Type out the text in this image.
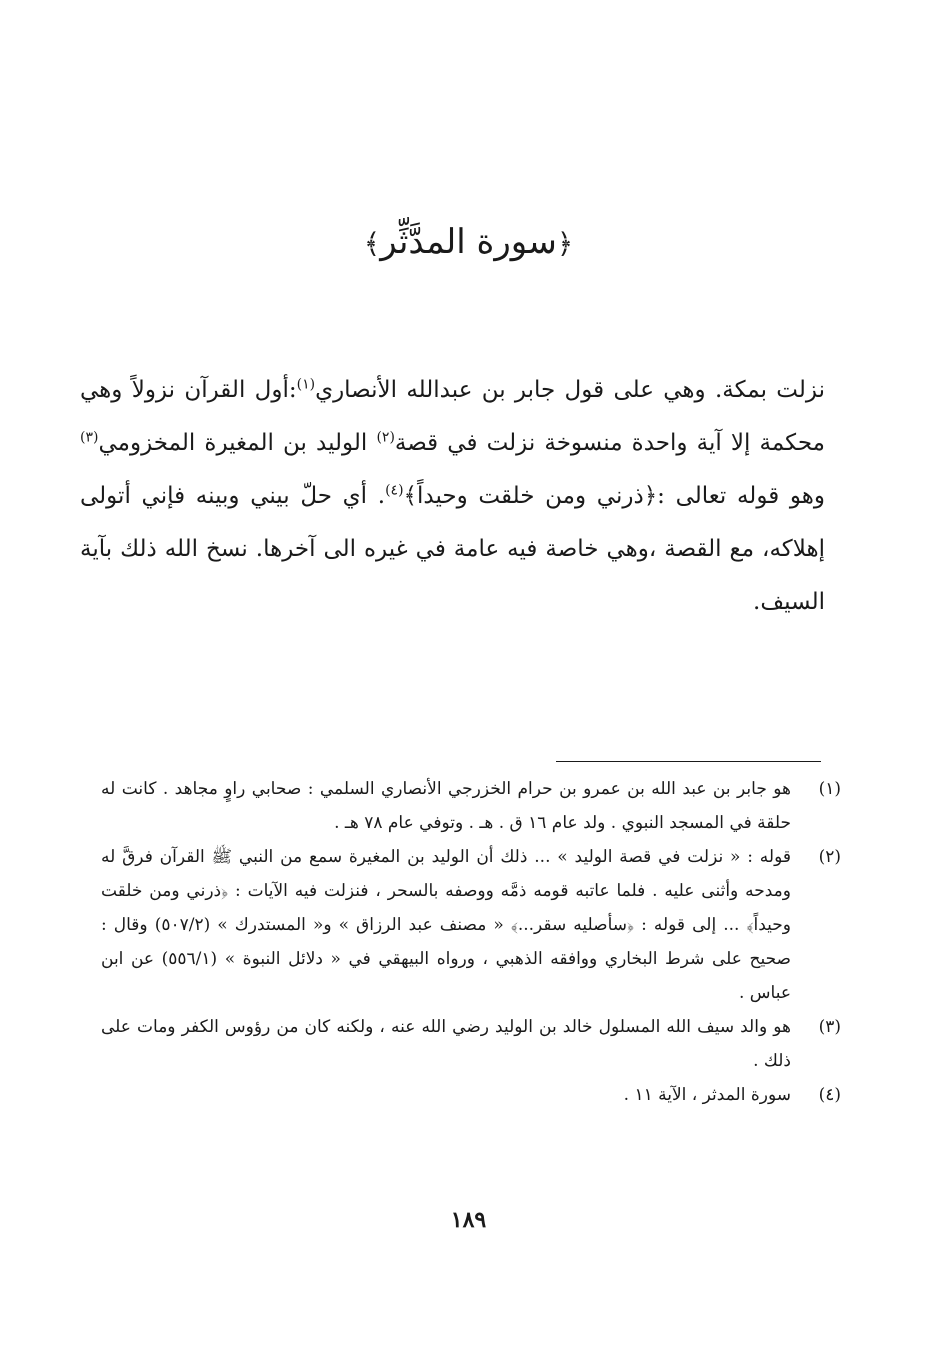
﴿سورة المدَّثِّر﴾

نزلت بمكة. وهي على قول جابر بن عبدالله الأنصاري$^{(١)}$:أول القرآن نزولاً وهي محكمة إلا آية واحدة منسوخة نزلت في قصة$^{(٢)}$ الوليد بن المغيرة المخزومي$^{(٣)}$ وهو قوله تعالى :﴿ذرني ومن خلقت وحيداً﴾$^{(٤)}$. أي حلّ بيني وبينه فإني أتولى إهلاكه، مع القصة ،وهي خاصة فيه عامة في غيره الى آخرها. نسخ الله ذلك بآية السيف.

(١)
هو جابر بن عبد الله بن عمرو بن حرام الخزرجي الأنصاري السلمي : صحابي راوٍ مجاهد . كانت له حلقة في المسجد النبوي . ولد عام ١٦ ق . هـ . وتوفي عام ٧٨ هـ .
(٢)
قوله : « نزلت في قصة الوليد » ... ذلك أن الوليد بن المغيرة سمع من النبي ﷺ القرآن فرقَّ له ومدحه وأثنى عليه . فلما عاتبه قومه ذمَّه ووصفه بالسحر ، فنزلت فيه الآيات : ﴿ذرني ومن خلقت وحيداً﴾ ... إلى قوله : ﴿سأصليه سقر...﴾ « مصنف عبد الرزاق » و« المستدرك » (٥٠٧/٢) وقال : صحيح على شرط البخاري ووافقه الذهبي ، ورواه البيهقي في « دلائل النبوة » (٥٥٦/١) عن ابن عباس .
(٣)
هو والد سيف الله المسلول خالد بن الوليد رضي الله عنه ، ولكنه كان من رؤوس الكفر ومات على ذلك .
(٤)
سورة المدثر ، الآية ١١ .
١٨٩
